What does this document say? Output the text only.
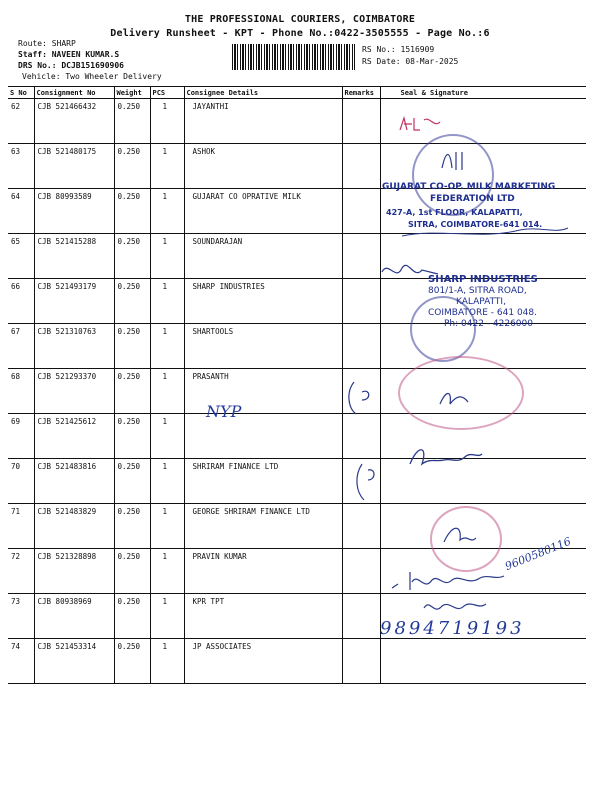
THE PROFESSIONAL COURIERS, COIMBATORE
Delivery Runsheet - KPT - Phone No.:0422-3505555 - Page No.:6
Route: SHARP
Staff: NAVEEN KUMAR.S
DRS No.: DCJB151690906
Vehicle: Two Wheeler Delivery
RS No.: 1516909
RS Date: 08-Mar-2025
S No	Consignment No	Weight	PCS	Consignee Details	Remarks	Seal & Signature
62	CJB 521466432	0.250	1	JAYANTHI		
63	CJB 521480175	0.250	1	ASHOK		
64	CJB 80993589	0.250	1	GUJARAT CO OPRATIVE MILK		
65	CJB 521415288	0.250	1	SOUNDARAJAN		
66	CJB 521493179	0.250	1	SHARP INDUSTRIES		
67	CJB 521310763	0.250	1	SHARTOOLS		
68	CJB 521293370	0.250	1	PRASANTH		
69	CJB 521425612	0.250	1			
70	CJB 521483816	0.250	1	SHRIRAM FINANCE LTD		
71	CJB 521483829	0.250	1	GEORGE SHRIRAM FINANCE LTD		
72	CJB 521328898	0.250	1	PRAVIN KUMAR		
73	CJB 80938969	0.250	1	KPR TPT		
74	CJB 521453314	0.250	1	JP ASSOCIATES		
GUJARAT CO-OP. MILK MARKETING
FEDERATION LTD
427-A, 1st FLOOR, KALAPATTI,
SITRA, COIMBATORE-641 014.
SHARP INDUSTRIES
801/1-A, SITRA ROAD,
KALAPATTI,
COIMBATORE - 641 048.
Ph: 0422 - 4226000
NYP
9600580116
9894719193
